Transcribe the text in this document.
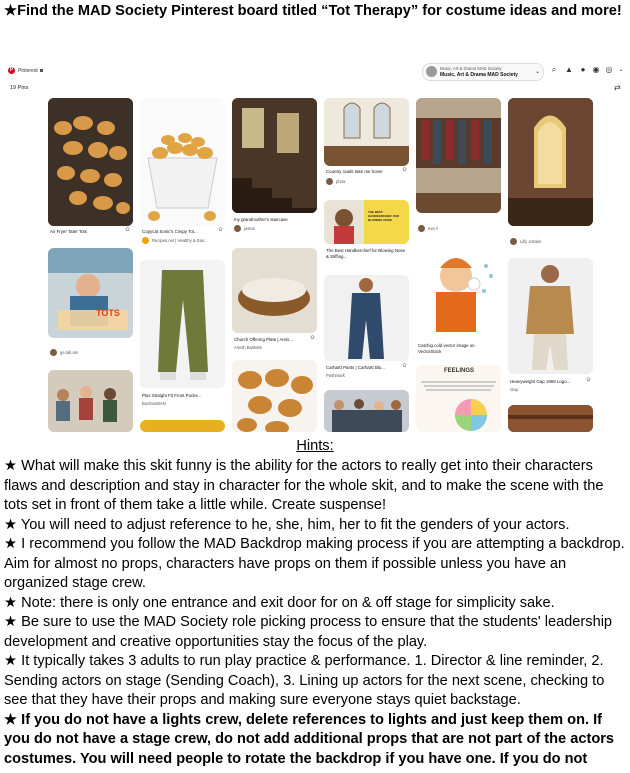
★Find the MAD Society Pinterest board titled “Tot Therapy” for costume ideas and more!
P Pinterest	Music, Art & Drama MAD Society
Music, Art & Drama MAD Society	⌄ ⌕ ▲ ● ◉ ◎ ⌄
19 Pins	⇄
Air Fryer Tater Tots	✩
TOTS
ge.lafi.am
Copycat Sonic's Crispy Tot...	✩
Recipes.net | Healthy & Eas...
Plus Straight Fit Front Pocke...
BoohooMAN
my grandmother's staircase
justus
Church Offering Plate | Amis...	✩
Amish Baskets
Country roads take me home	✩
phoa
THE BEST HANDKERCHIEF FOR BLOWING NOSE
The Best Handkerchief for Blowing Nose & Stiffing...
Carhartt Pants | Carhartt Blu...	✩
Poshmark
eva !!
Catchig cold vector image on VectorStock
FEELINGS
Lilly Jordan
Heavyweight Gap 1969 Logo...	✩
Gap
Hints:

★ What will make this skit funny is the ability for the actors to really get into their characters flaws and description and stay in character for the whole skit, and to make the scene with the tots set in front of them take a little while. Create suspense!

★ You will need to adjust reference to he, she, him, her to fit the genders of your actors.

★ I recommend you follow the MAD Backdrop making process if you are attempting a backdrop. Aim for almost no props, characters have props on them if possible unless you have an organized stage crew.

★ Note: there is only one entrance and exit door for on & off stage for simplicity sake.

★ Be sure to use the MAD Society role picking process to ensure that the students' leadership development and creative opportunities stay the focus of the play.

★ It typically takes 3 adults to run play practice & performance. 1. Director & line reminder, 2. Sending actors on stage (Sending Coach), 3. Lining up actors for the next scene, checking to see that they have their props and making sure everyone stays quiet backstage.

★ If you do not have a lights crew, delete references to lights and just keep them on. If you do not have a stage crew, do not add additional props that are not part of the actors costumes. You will need people to rotate the backdrop if you have one. If you do not
